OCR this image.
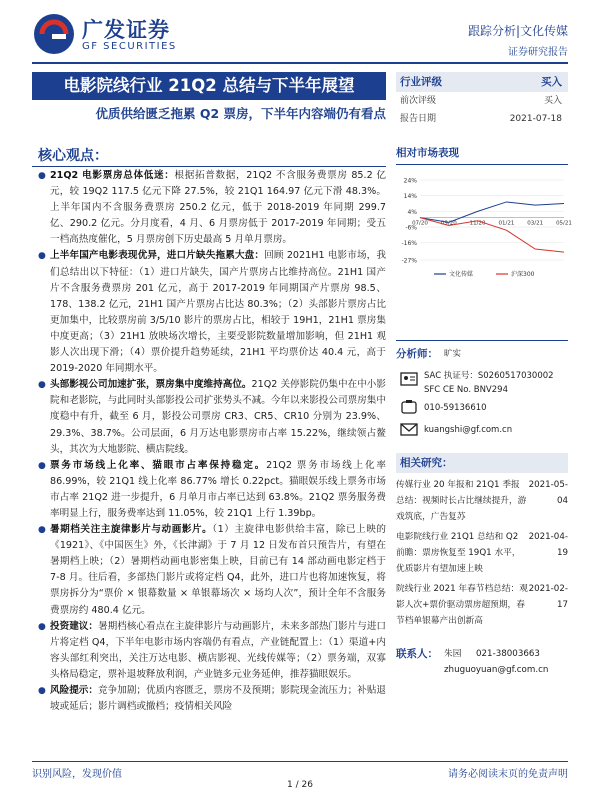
广发证券
GF SECURITIES
跟踪分析|文化传媒
证券研究报告
电影院线行业 21Q2 总结与下半年展望
优质供给匮乏拖累 Q2 票房，下半年内容端仍有看点
核心观点：
● 21Q2 电影票房总体低迷：根据拓普数据，21Q2 不含服务费票房 85.2 亿元，较 19Q2 117.5 亿元下降 27.5%，较 21Q1 164.97 亿元下滑 48.3%。上半年国内不含服务费票房 250.2 亿元，低于 2018-2019 年同期 299.7 亿、290.2 亿元。分月度看，4 月、6 月票房低于 2017-2019 年同期；受五一档高热度催化，5 月票房创下历史最高 5 月单月票房。
● 上半年国产电影表现优异，进口片缺失拖累大盘：回顾 2021H1 电影市场，我们总结出以下特征：（1）进口片缺失，国产片票房占比维持高位。21H1 国产片不含服务费票房 201 亿元，高于 2017-2019 年同期国产片票房 98.5、178、138.2 亿元，21H1 国产片票房占比达 80.3%；（2）头部影片票房占比更加集中，比较票房前 3/5/10 影片的票房占比，相较于 19H1，21H1 票房集中度更高；（3）21H1 放映场次增长，主要受影院数量增加影响，但 21H1 观影人次出现下滑；（4）票价提升趋势延续，21H1 平均票价达 40.4 元，高于 2019-2020 年同期水平。
● 头部影视公司加速扩张，票房集中度维持高位。21Q2 关停影院仍集中在中小影院和老影院，与此同时头部影投公司扩张势头不减。今年以来影投公司票房集中度稳中有升，截至 6 月，影投公司票房 CR3、CR5、CR10 分别为 23.9%、29.3%、38.7%。公司层面，6 月万达电影票房市占率 15.22%，继续领占鳌头，其次为大地影院、横店院线。
● 票务市场线上化率、猫眼市占率保持稳定。21Q2 票务市场线上化率 86.99%，较 21Q1 线上化率 86.77% 增长 0.22pct。猫眼娱乐线上票务市场市占率 21Q2 进一步提升，6 月单月市占率已达到 63.8%。21Q2 票务服务费率明显上行，服务费率达到 11.05%，较 21Q1 上行 1.39bp。
● 暑期档关注主旋律影片与动画影片。（1）主旋律电影供给丰富，除已上映的《1921》、《中国医生》外，《长津湖》于 7 月 12 日发布首只预告片，有望在暑期档上映；（2）暑期档动画电影密集上映，目前已有 14 部动画电影定档于 7-8 月。往后看，多部热门影片或将定档 Q4，此外，进口片也将加速恢复，将票房拆分为“票价 × 银幕数量 × 单银幕场次 × 场均人次”，预计全年不含服务费票房约 480.4 亿元。
● 投资建议：暑期档核心看点在主旋律影片与动画影片，未来多部热门影片与进口片将定档 Q4，下半年电影市场内容端仍有看点，产业链配置上：（1）渠道+内容头部红利突出，关注万达电影、横店影视、光线传媒等；（2）票务端，双寡头格局稳定，票补退坡释放利润，产业链多元业务延伸，推荐猫眼娱乐。
● 风险提示：竞争加剧；优质内容匮乏，票房不及预期；影院现金流压力；补贴退坡或延后；影片调档或撤档；疫情相关风险
行业评级	买入
前次评级	买入
报告日期	2021-07-18
相对市场表现
24%
14%
4%
-6%
-16%
-27%
07/20 09/20 11/20 01/21 03/21 05/21
文化传媒	沪深300
分析师： 旷实
SAC 执证号：S0260517030002
SFC CE No. BNV294
010-59136610
kuangshi@gf.com.cn
相关研究：
传媒行业 20 年报和 21Q1 季报总结：视频时长占比继续提升，游戏筑底，广告复苏
2021-05-04
电影院线行业 21Q1 总结和 Q2 前瞻：票房恢复至 19Q1 水平，优质影片有望加速上映
2021-04-19
院线行业 2021 年春节档总结：观影人次+票价驱动票房超预期，春节档单银幕产出创新高
2021-02-17
联系人： 朱园 021-38003663
zhuguoyuan@gf.com.cn
识别风险，发现价值	请务必阅读末页的免责声明
1 / 26
